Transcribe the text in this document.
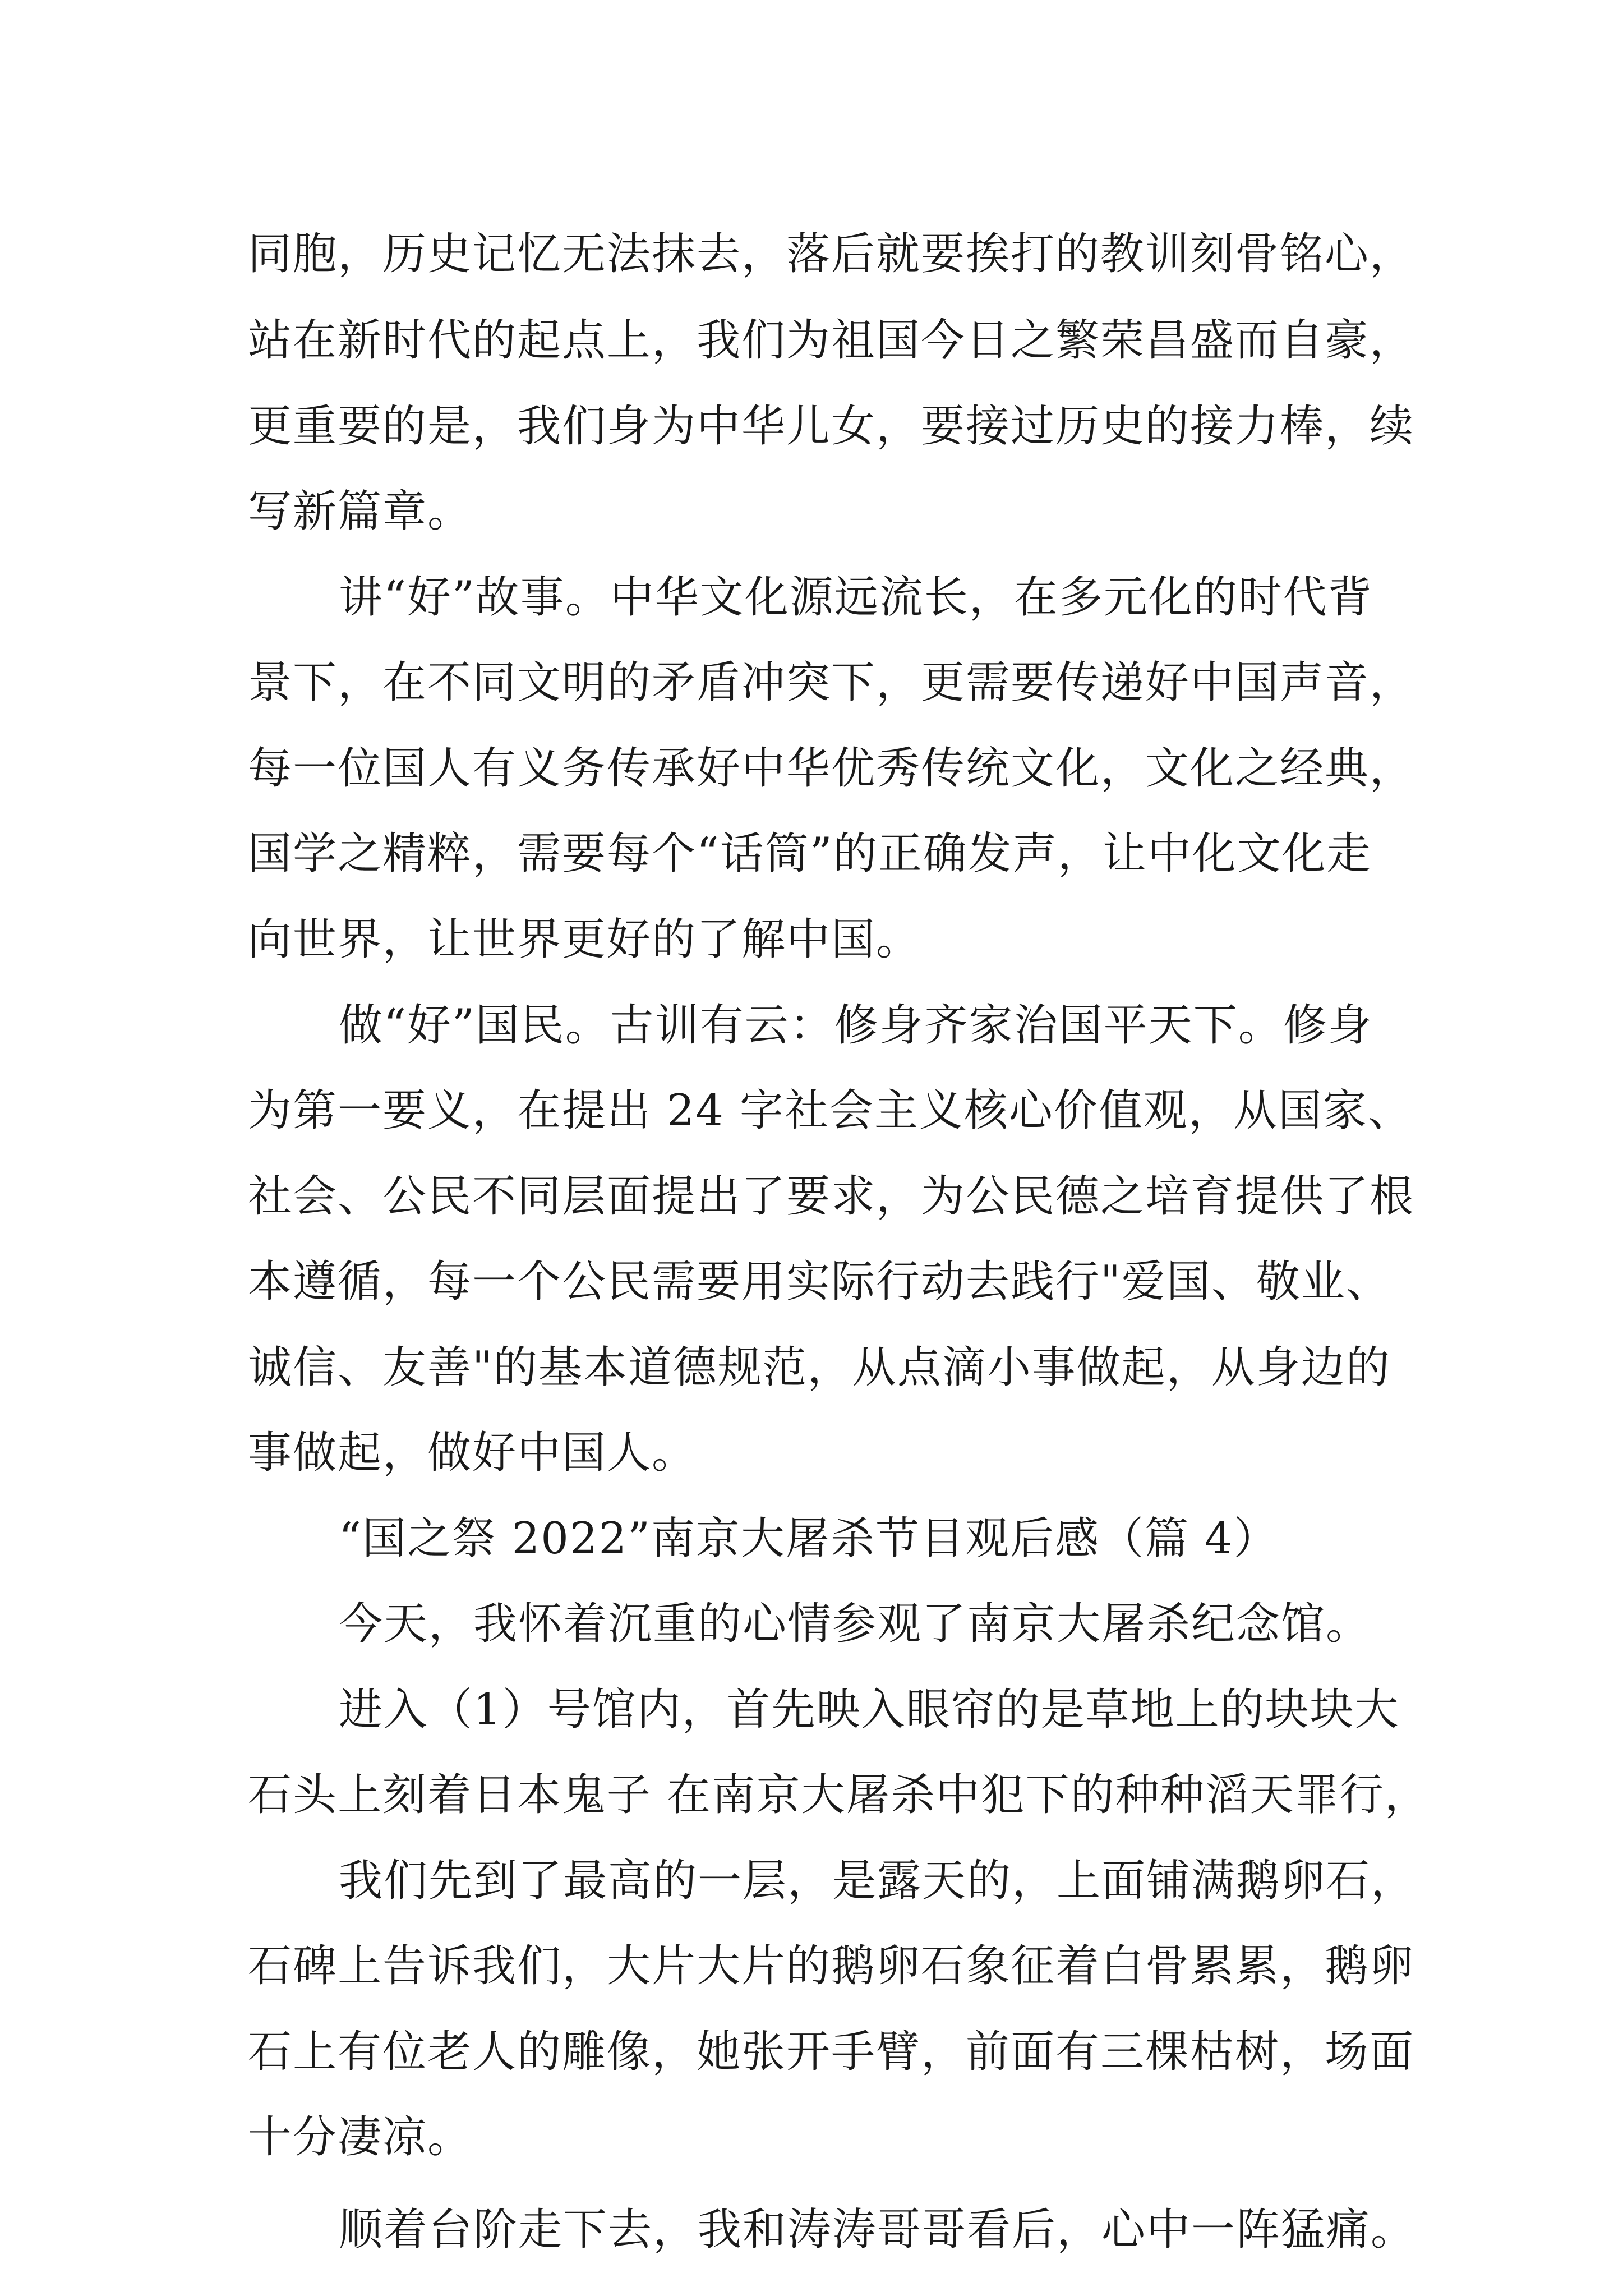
同胞，历史记忆无法抹去，落后就要挨打的教训刻骨铭心，
站在新时代的起点上，我们为祖国今日之繁荣昌盛而自豪，
更重要的是，我们身为中华儿女，要接过历史的接力棒，续
写新篇章。
讲“好”故事。中华文化源远流长，在多元化的时代背
景下，在不同文明的矛盾冲突下，更需要传递好中国声音，
每一位国人有义务传承好中华优秀传统文化，文化之经典，
国学之精粹，需要每个“话筒”的正确发声，让中化文化走
向世界，让世界更好的了解中国。
做“好”国民。古训有云：修身齐家治国平天下。修身
为第一要义，在提出 24 字社会主义核心价值观，从国家、
社会、公民不同层面提出了要求，为公民德之培育提供了根
本遵循，每一个公民需要用实际行动去践行"爱国、敬业、
诚信、友善"的基本道德规范，从点滴小事做起，从身边的
事做起，做好中国人。
“国之祭 2022”南京大屠杀节目观后感（篇 4）
今天，我怀着沉重的心情参观了南京大屠杀纪念馆。
进入（1）号馆内，首先映入眼帘的是草地上的块块大
石头上刻着日本鬼子 在南京大屠杀中犯下的种种滔天罪行，
我们先到了最高的一层，是露天的，上面铺满鹅卵石，
石碑上告诉我们，大片大片的鹅卵石象征着白骨累累，鹅卵
石上有位老人的雕像，她张开手臂，前面有三棵枯树，场面
十分凄凉。
顺着台阶走下去，我和涛涛哥哥看后，心中一阵猛痛。
